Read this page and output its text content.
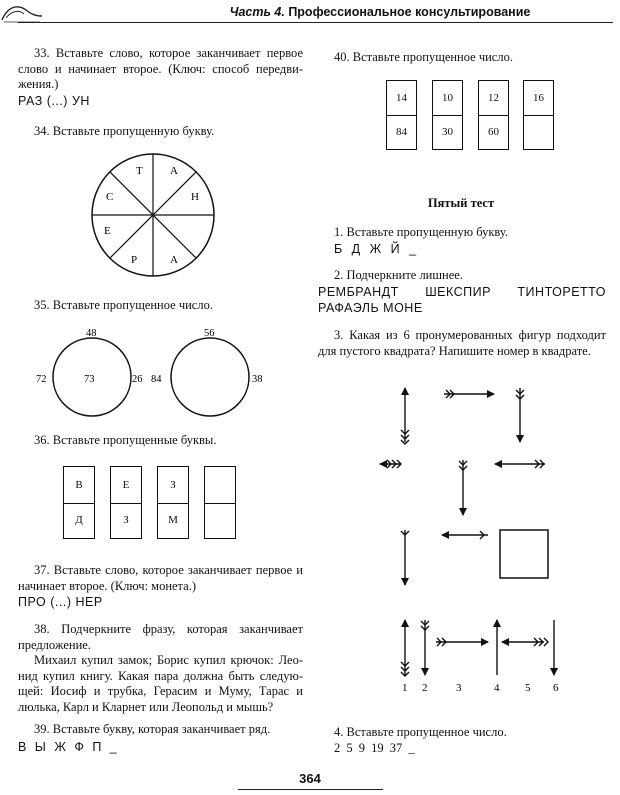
Часть 4. Профессиональное консультирование
33. Вставьте слово, которое заканчивает первое слово и начинает второе. (Ключ: способ передвижения.)
РАЗ (...) УН
34. Вставьте пропущенную букву.
Т А
Н
А
Р
Е
С
35. Вставьте пропущенное число.
48
72	73	26
56
84	38
36. Вставьте пропущенные буквы.
В
Д
Е
З
З
М
37. Вставьте слово, которое заканчивает первое и начинает второе. (Ключ: монета.)
ПРО (...) НЕР
38. Подчеркните фразу, которая заканчивает предложение.
Михаил купил замок; Борис купил крючок: Леонид купил книгу. Какая пара должна быть следующей: Иосиф и трубка, Герасим и Муму, Тарас и люлька, Карл и Кларнет или Леопольд и мышь?
39. Вставьте букву, которая заканчивает ряд.
В Ы Ж Ф П _
40. Вставьте пропущенное число.
14
84
10
30
12
60
16
Пятый тест
1. Вставьте пропущенную букву.
Б Д Ж Й _
2. Подчеркните лишнее.
РЕМБРАНДТ ШЕКСПИР ТИНТОРЕТТО
РАФАЭЛЬ МОНЕ
3. Какая из 6 пронумерованных фигур подходит для пустого квадрата? Напишите номер в квадрате.
1 2	3	4 5 6
4. Вставьте пропущенное число.
2 5 9 19 37 _
364
